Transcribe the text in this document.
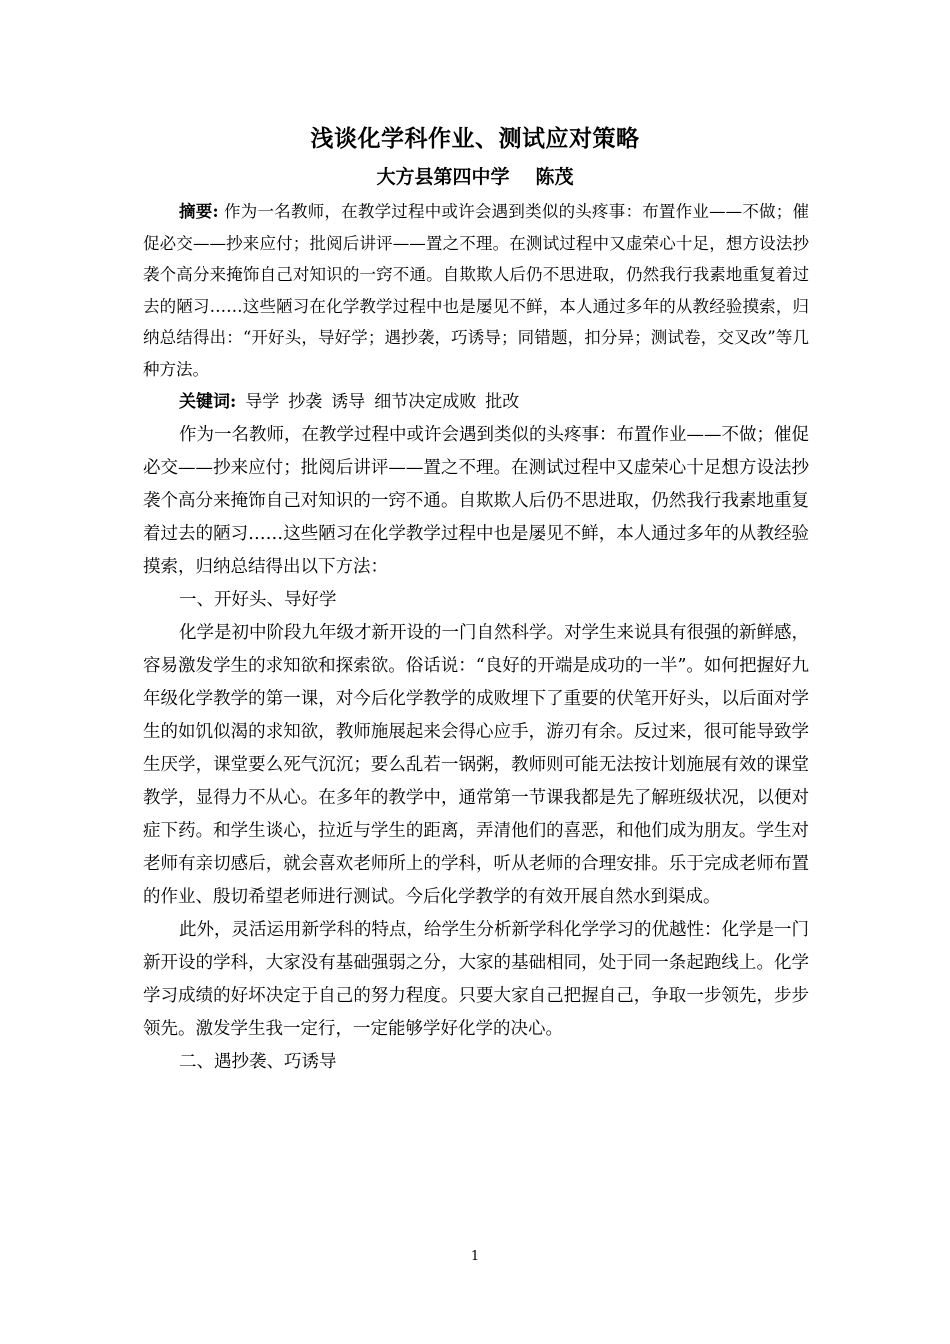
浅谈化学科作业、测试应对策略
大方县第四中学 陈茂

摘要: 作为一名教师，在教学过程中或许会遇到类似的头疼事：布置作业——不做；催促必交——抄来应付；批阅后讲评——置之不理。在测试过程中又虚荣心十足，想方设法抄袭个高分来掩饰自己对知识的一窍不通。自欺欺人后仍不思进取，仍然我行我素地重复着过去的陋习……这些陋习在化学教学过程中也是屡见不鲜，本人通过多年的从教经验摸索，归纳总结得出：“开好头，导好学；遇抄袭，巧诱导；同错题，扣分异；测试卷，交叉改”等几种方法。

关键词: 导学 抄袭 诱导 细节决定成败 批改

作为一名教师，在教学过程中或许会遇到类似的头疼事：布置作业——不做；催促必交——抄来应付；批阅后讲评——置之不理。在测试过程中又虚荣心十足想方设法抄袭个高分来掩饰自己对知识的一窍不通。自欺欺人后仍不思进取，仍然我行我素地重复着过去的陋习……这些陋习在化学教学过程中也是屡见不鲜，本人通过多年的从教经验摸索，归纳总结得出以下方法：

一、开好头、导好学

化学是初中阶段九年级才新开设的一门自然科学。对学生来说具有很强的新鲜感，容易激发学生的求知欲和探索欲。俗话说：“良好的开端是成功的一半”。如何把握好九年级化学教学的第一课，对今后化学教学的成败埋下了重要的伏笔开好头，以后面对学生的如饥似渴的求知欲，教师施展起来会得心应手，游刃有余。反过来，很可能导致学生厌学，课堂要么死气沉沉；要么乱若一锅粥，教师则可能无法按计划施展有效的课堂教学，显得力不从心。在多年的教学中，通常第一节课我都是先了解班级状况，以便对症下药。和学生谈心，拉近与学生的距离，弄清他们的喜恶，和他们成为朋友。学生对老师有亲切感后，就会喜欢老师所上的学科，听从老师的合理安排。乐于完成老师布置的作业、殷切希望老师进行测试。今后化学教学的有效开展自然水到渠成。

此外，灵活运用新学科的特点，给学生分析新学科化学学习的优越性：化学是一门新开设的学科，大家没有基础强弱之分，大家的基础相同，处于同一条起跑线上。化学学习成绩的好坏决定于自己的努力程度。只要大家自己把握自己，争取一步领先，步步领先。激发学生我一定行，一定能够学好化学的决心。

二、遇抄袭、巧诱导

1
